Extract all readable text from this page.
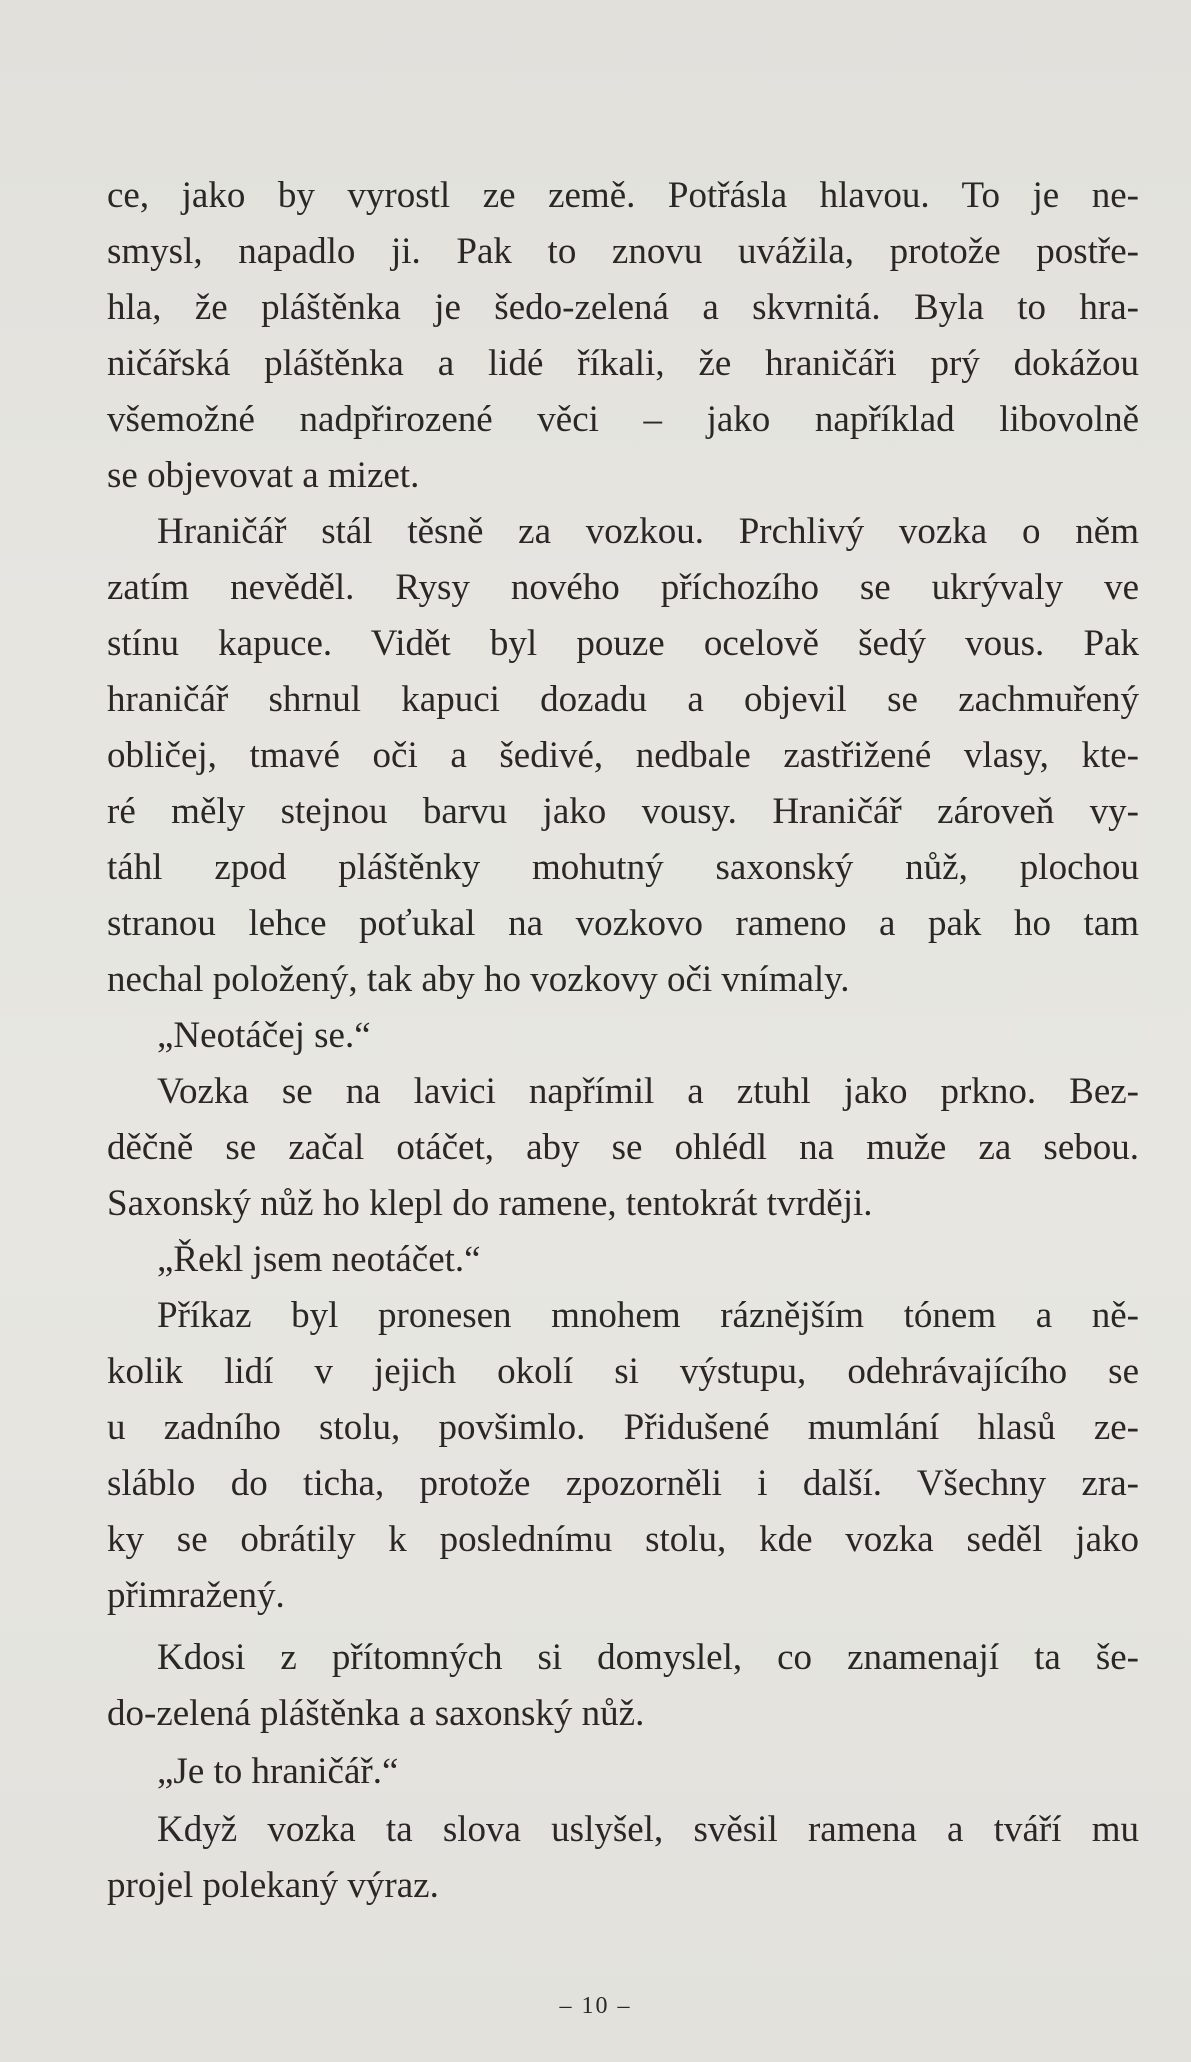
ce, jako by vyrostl ze země. Potřásla hlavou. To je ne-
smysl, napadlo ji. Pak to znovu uvážila, protože postře-
hla, že pláštěnka je šedo-zelená a skvrnitá. Byla to hra-
ničářská pláštěnka a lidé říkali, že hraničáři prý dokážou
všemožné nadpřirozené věci – jako například libovolně
se objevovat a mizet.
Hraničář stál těsně za vozkou. Prchlivý vozka o něm
zatím nevěděl. Rysy nového příchozího se ukrývaly ve
stínu kapuce. Vidět byl pouze ocelově šedý vous. Pak
hraničář shrnul kapuci dozadu a objevil se zachmuřený
obličej, tmavé oči a šedivé, nedbale zastřižené vlasy, kte-
ré měly stejnou barvu jako vousy. Hraničář zároveň vy-
táhl zpod pláštěnky mohutný saxonský nůž, plochou
stranou lehce poťukal na vozkovo rameno a pak ho tam
nechal položený, tak aby ho vozkovy oči vnímaly.
„Neotáčej se.“
Vozka se na lavici napřímil a ztuhl jako prkno. Bez-
děčně se začal otáčet, aby se ohlédl na muže za sebou.
Saxonský nůž ho klepl do ramene, tentokrát tvrději.
„Řekl jsem neotáčet.“
Příkaz byl pronesen mnohem ráznějším tónem a ně-
kolik lidí v jejich okolí si výstupu, odehrávajícího se
u zadního stolu, povšimlo. Přidušené mumlání hlasů ze-
sláblo do ticha, protože zpozorněli i další. Všechny zra-
ky se obrátily k poslednímu stolu, kde vozka seděl jako
přimražený.
Kdosi z přítomných si domyslel, co znamenají ta še-
do-zelená pláštěnka a saxonský nůž.
„Je to hraničář.“
Když vozka ta slova uslyšel, svěsil ramena a tváří mu
projel polekaný výraz.
– 10 –
